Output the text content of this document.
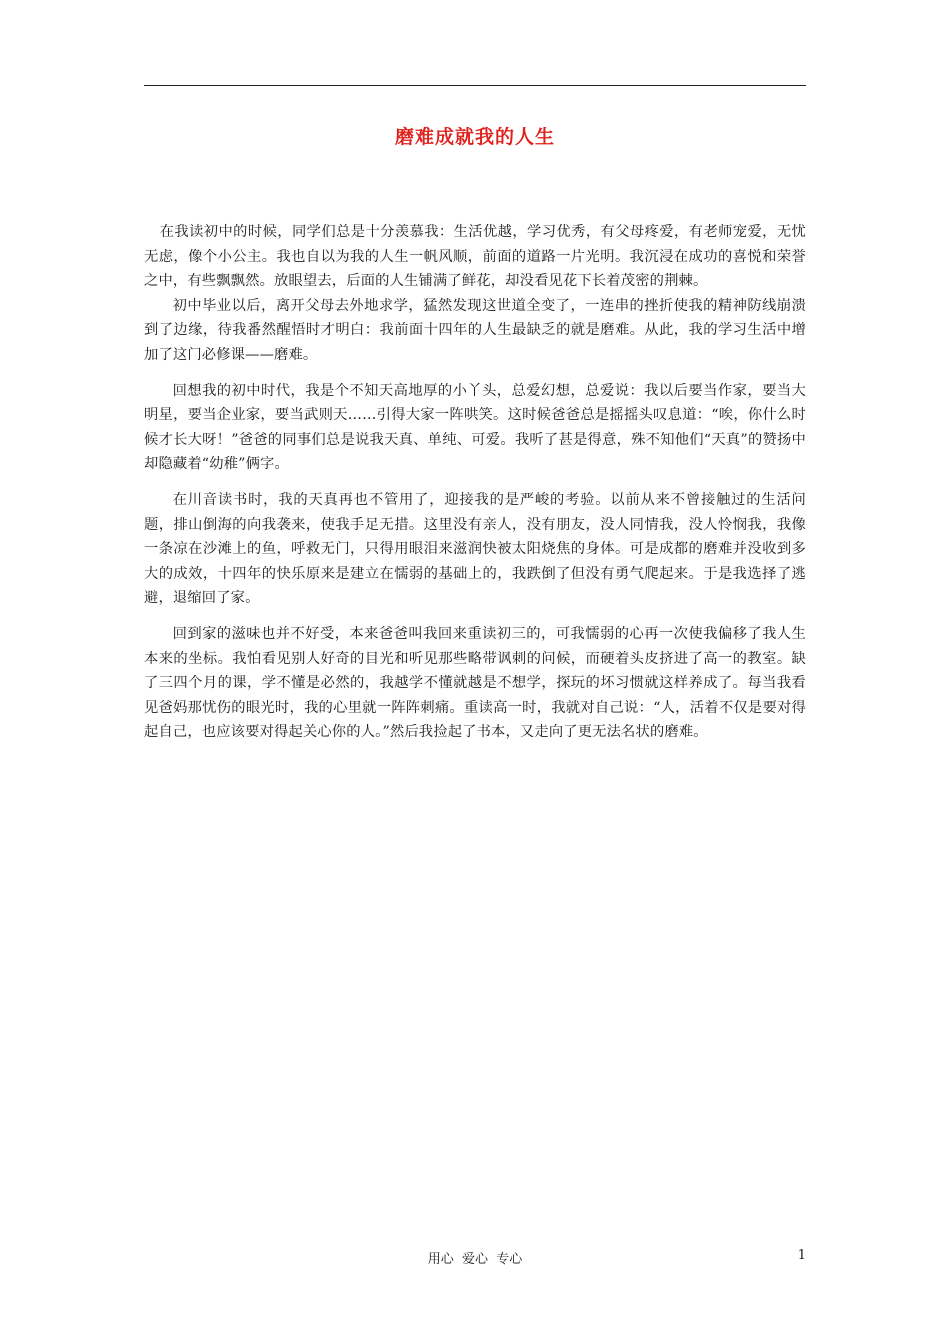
磨难成就我的人生

在我读初中的时候，同学们总是十分羡慕我：生活优越，学习优秀，有父母疼爱，有老师宠爱，无忧无虑，像个小公主。我也自以为我的人生一帆风顺，前面的道路一片光明。我沉浸在成功的喜悦和荣誉之中，有些飘飘然。放眼望去，后面的人生铺满了鲜花，却没看见花下长着茂密的荆棘。

初中毕业以后，离开父母去外地求学，猛然发现这世道全变了，一连串的挫折使我的精神防线崩溃到了边缘，待我番然醒悟时才明白：我前面十四年的人生最缺乏的就是磨难。从此，我的学习生活中增加了这门必修课——磨难。

回想我的初中时代，我是个不知天高地厚的小丫头，总爱幻想，总爱说：我以后要当作家，要当大明星，要当企业家，要当武则天……引得大家一阵哄笑。这时候爸爸总是摇摇头叹息道：“唉，你什么时候才长大呀！”爸爸的同事们总是说我天真、单纯、可爱。我听了甚是得意，殊不知他们“天真”的赞扬中却隐藏着“幼稚”俩字。

在川音读书时，我的天真再也不管用了，迎接我的是严峻的考验。以前从来不曾接触过的生活问题，排山倒海的向我袭来，使我手足无措。这里没有亲人，没有朋友，没人同情我，没人怜悯我，我像一条凉在沙滩上的鱼，呼救无门，只得用眼泪来滋润快被太阳烧焦的身体。可是成都的磨难并没收到多大的成效，十四年的快乐原来是建立在懦弱的基础上的，我跌倒了但没有勇气爬起来。于是我选择了逃避，退缩回了家。

回到家的滋味也并不好受，本来爸爸叫我回来重读初三的，可我懦弱的心再一次使我偏移了我人生本来的坐标。我怕看见别人好奇的目光和听见那些略带讽刺的问候，而硬着头皮挤进了高一的教室。缺了三四个月的课，学不懂是必然的，我越学不懂就越是不想学，探玩的坏习惯就这样养成了。每当我看见爸妈那忧伤的眼光时，我的心里就一阵阵刺痛。重读高一时，我就对自己说：“人，活着不仅是要对得起自己，也应该要对得起关心你的人。”然后我捡起了书本，又走向了更无法名状的磨难。

用心  爱心  专心	1
